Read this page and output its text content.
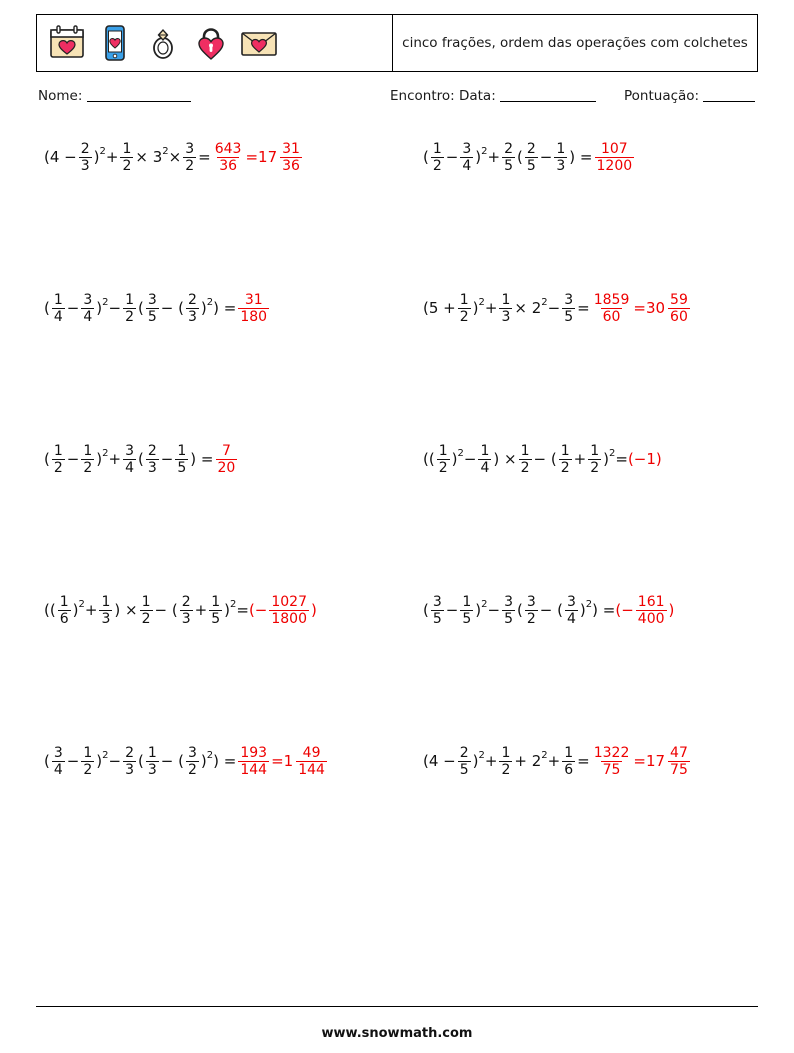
cinco frações, ordem das operações com colchetes
Nome:	Encontro: Data:	Pontuação:
($4 - \frac{2}{3}$ ) $2 + \frac{1}{2} \times 3$ $2 \times \frac{3}{2} = \frac{643}{36} = 17 \frac{31}{36}$	( $\frac{1}{2} - \frac{3}{4}$ ) $2 + \frac{2}{5}$ ( $\frac{2}{5} - \frac{1}{3}$ ) = $\frac{107}{1200}$
( $\frac{1}{4} - \frac{3}{4}$ ) $2 - \frac{1}{2}$ ( $\frac{3}{5}$ − ( $\frac{2}{3}$ ) 2 ) = $\frac{31}{180}$	($5 + \frac{1}{2}$ ) $2 + \frac{1}{3} \times 2$ $2 - \frac{3}{5} = \frac{1859}{60} = 30 \frac{59}{60}$
( $\frac{1}{2} - \frac{1}{2}$ ) $2 + \frac{3}{4}$ ( $\frac{2}{3} - \frac{1}{5}$ ) = $\frac{7}{20}$	(( $\frac{1}{2}$ ) $2 - \frac{1}{4}$ ) × $\frac{1}{2}$ − ( $\frac{1}{2} + \frac{1}{2}$ ) 2 = (−1)
(( $\frac{1}{6}$ ) $2 + \frac{1}{3}$ ) × $\frac{1}{2}$ − ( $\frac{2}{3} + \frac{1}{5}$ ) 2 = (− $\frac{1027}{1800}$ )	( $\frac{3}{5} - \frac{1}{5}$ ) $2 - \frac{3}{5}$ ( $\frac{3}{2}$ − ( $\frac{3}{4}$ ) 2 ) = (− $\frac{161}{400}$ )
( $\frac{3}{4} - \frac{1}{2}$ ) $2 - \frac{2}{3}$ ( $\frac{1}{3}$ − ( $\frac{3}{2}$ ) 2 ) = $\frac{193}{144} = 1 \frac{49}{144}$	($4 - \frac{2}{5}$ ) $2 + \frac{1}{2} + 2$ $2 + \frac{1}{6} = \frac{1322}{75} = 17 \frac{47}{75}$
www.snowmath.com
